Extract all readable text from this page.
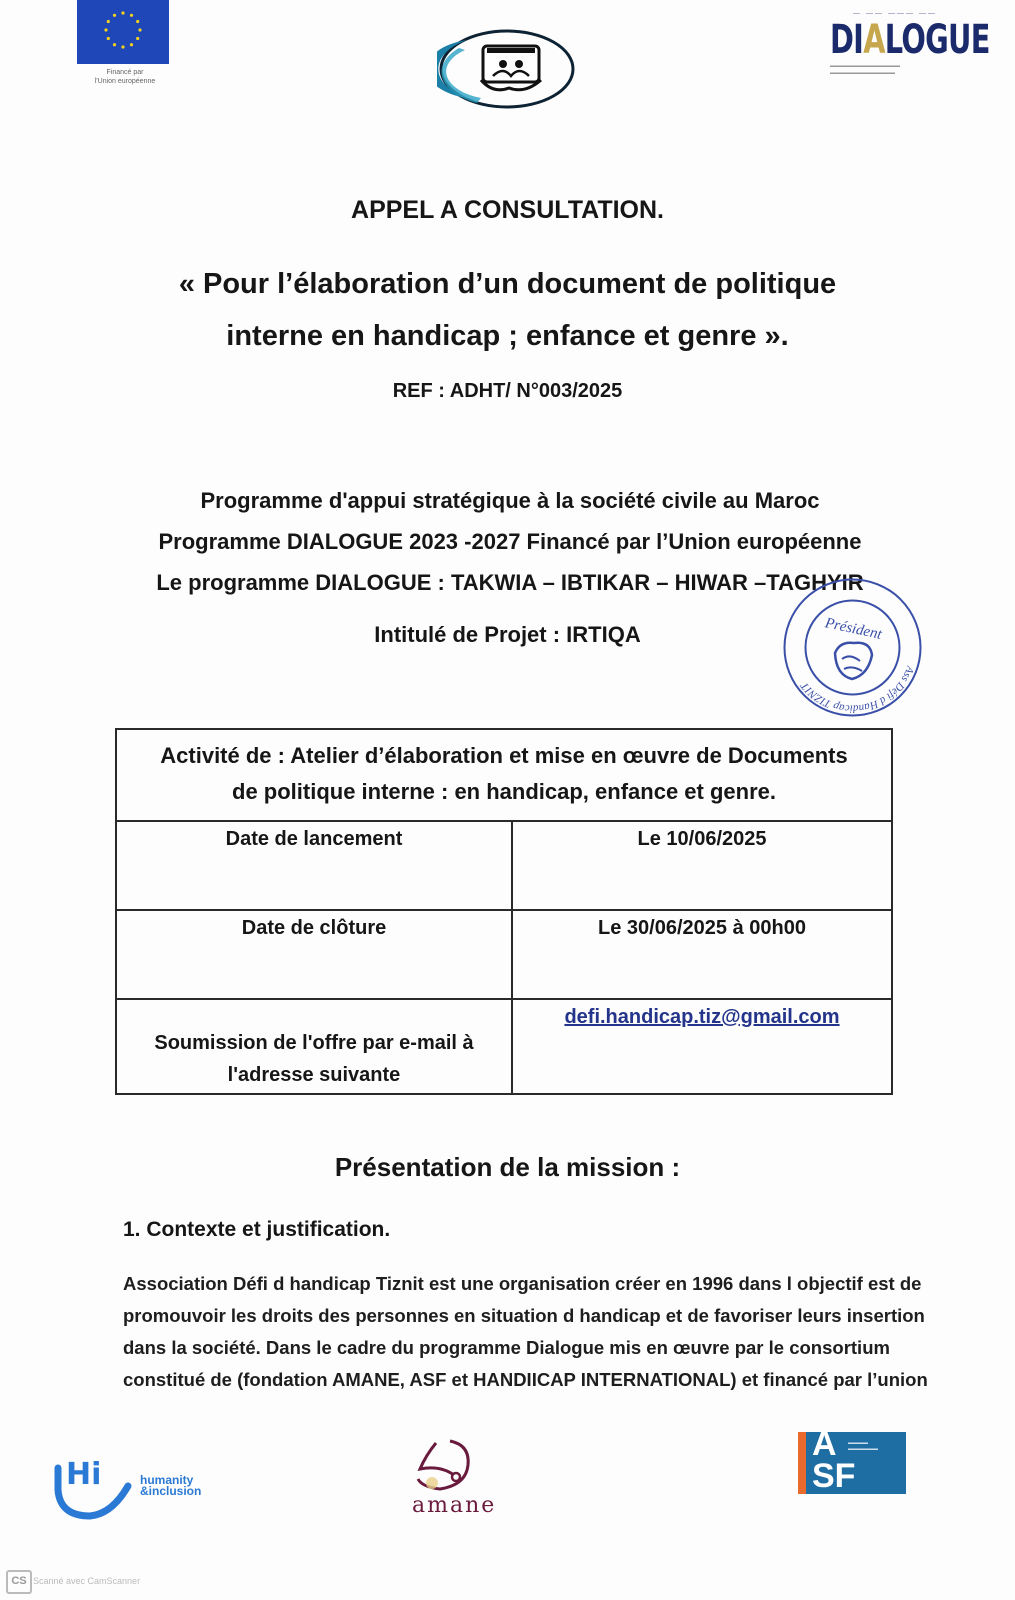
Financé par
l'Union européenne
— —— ——— ——
DIALOGUE
▬▬▬▬▬▬▬▬▬▬▬▬▬▬
▬▬▬▬▬▬▬▬▬▬▬▬▬
APPEL A CONSULTATION.
« Pour l’élaboration d’un document de politique
interne en handicap ; enfance et genre ».
REF : ADHT/ N°003/2025
Programme d'appui stratégique à la société civile au Maroc
Programme DIALOGUE 2023 -2027 Financé par l’Union européenne
Le programme DIALOGUE : TAKWIA – IBTIKAR – HIWAR –TAGHYIR
Intitulé de Projet : IRTIQA
Ass Défi d Handicap TIZNIT
Président
Activité de : Atelier d’élaboration et mise en œuvre de Documents
de politique interne : en handicap, enfance et genre.	

Date de lancement	Le 10/06/2025
Date de clôture	Le 30/06/2025 à 00h00

Soumission de l'offre par e-mail à
l'adresse suivante	defi.handicap.tiz@gmail.com
Présentation de la mission :
1. Contexte et justification.
Association Défi d handicap Tiznit est une organisation créer en 1996 dans l objectif est de
promouvoir les droits des personnes en situation d handicap et de favoriser leurs insertion
dans la société. Dans le cadre du programme Dialogue mis en œuvre par le consortium
constitué de (fondation AMANE, ASF et HANDIICAP INTERNATIONAL) et financé par l’union
Hi	humanity
&inclusion
amane
A
SF
▬▬▬▬
▬▬▬▬▬▬
CS Scanné avec CamScanner
